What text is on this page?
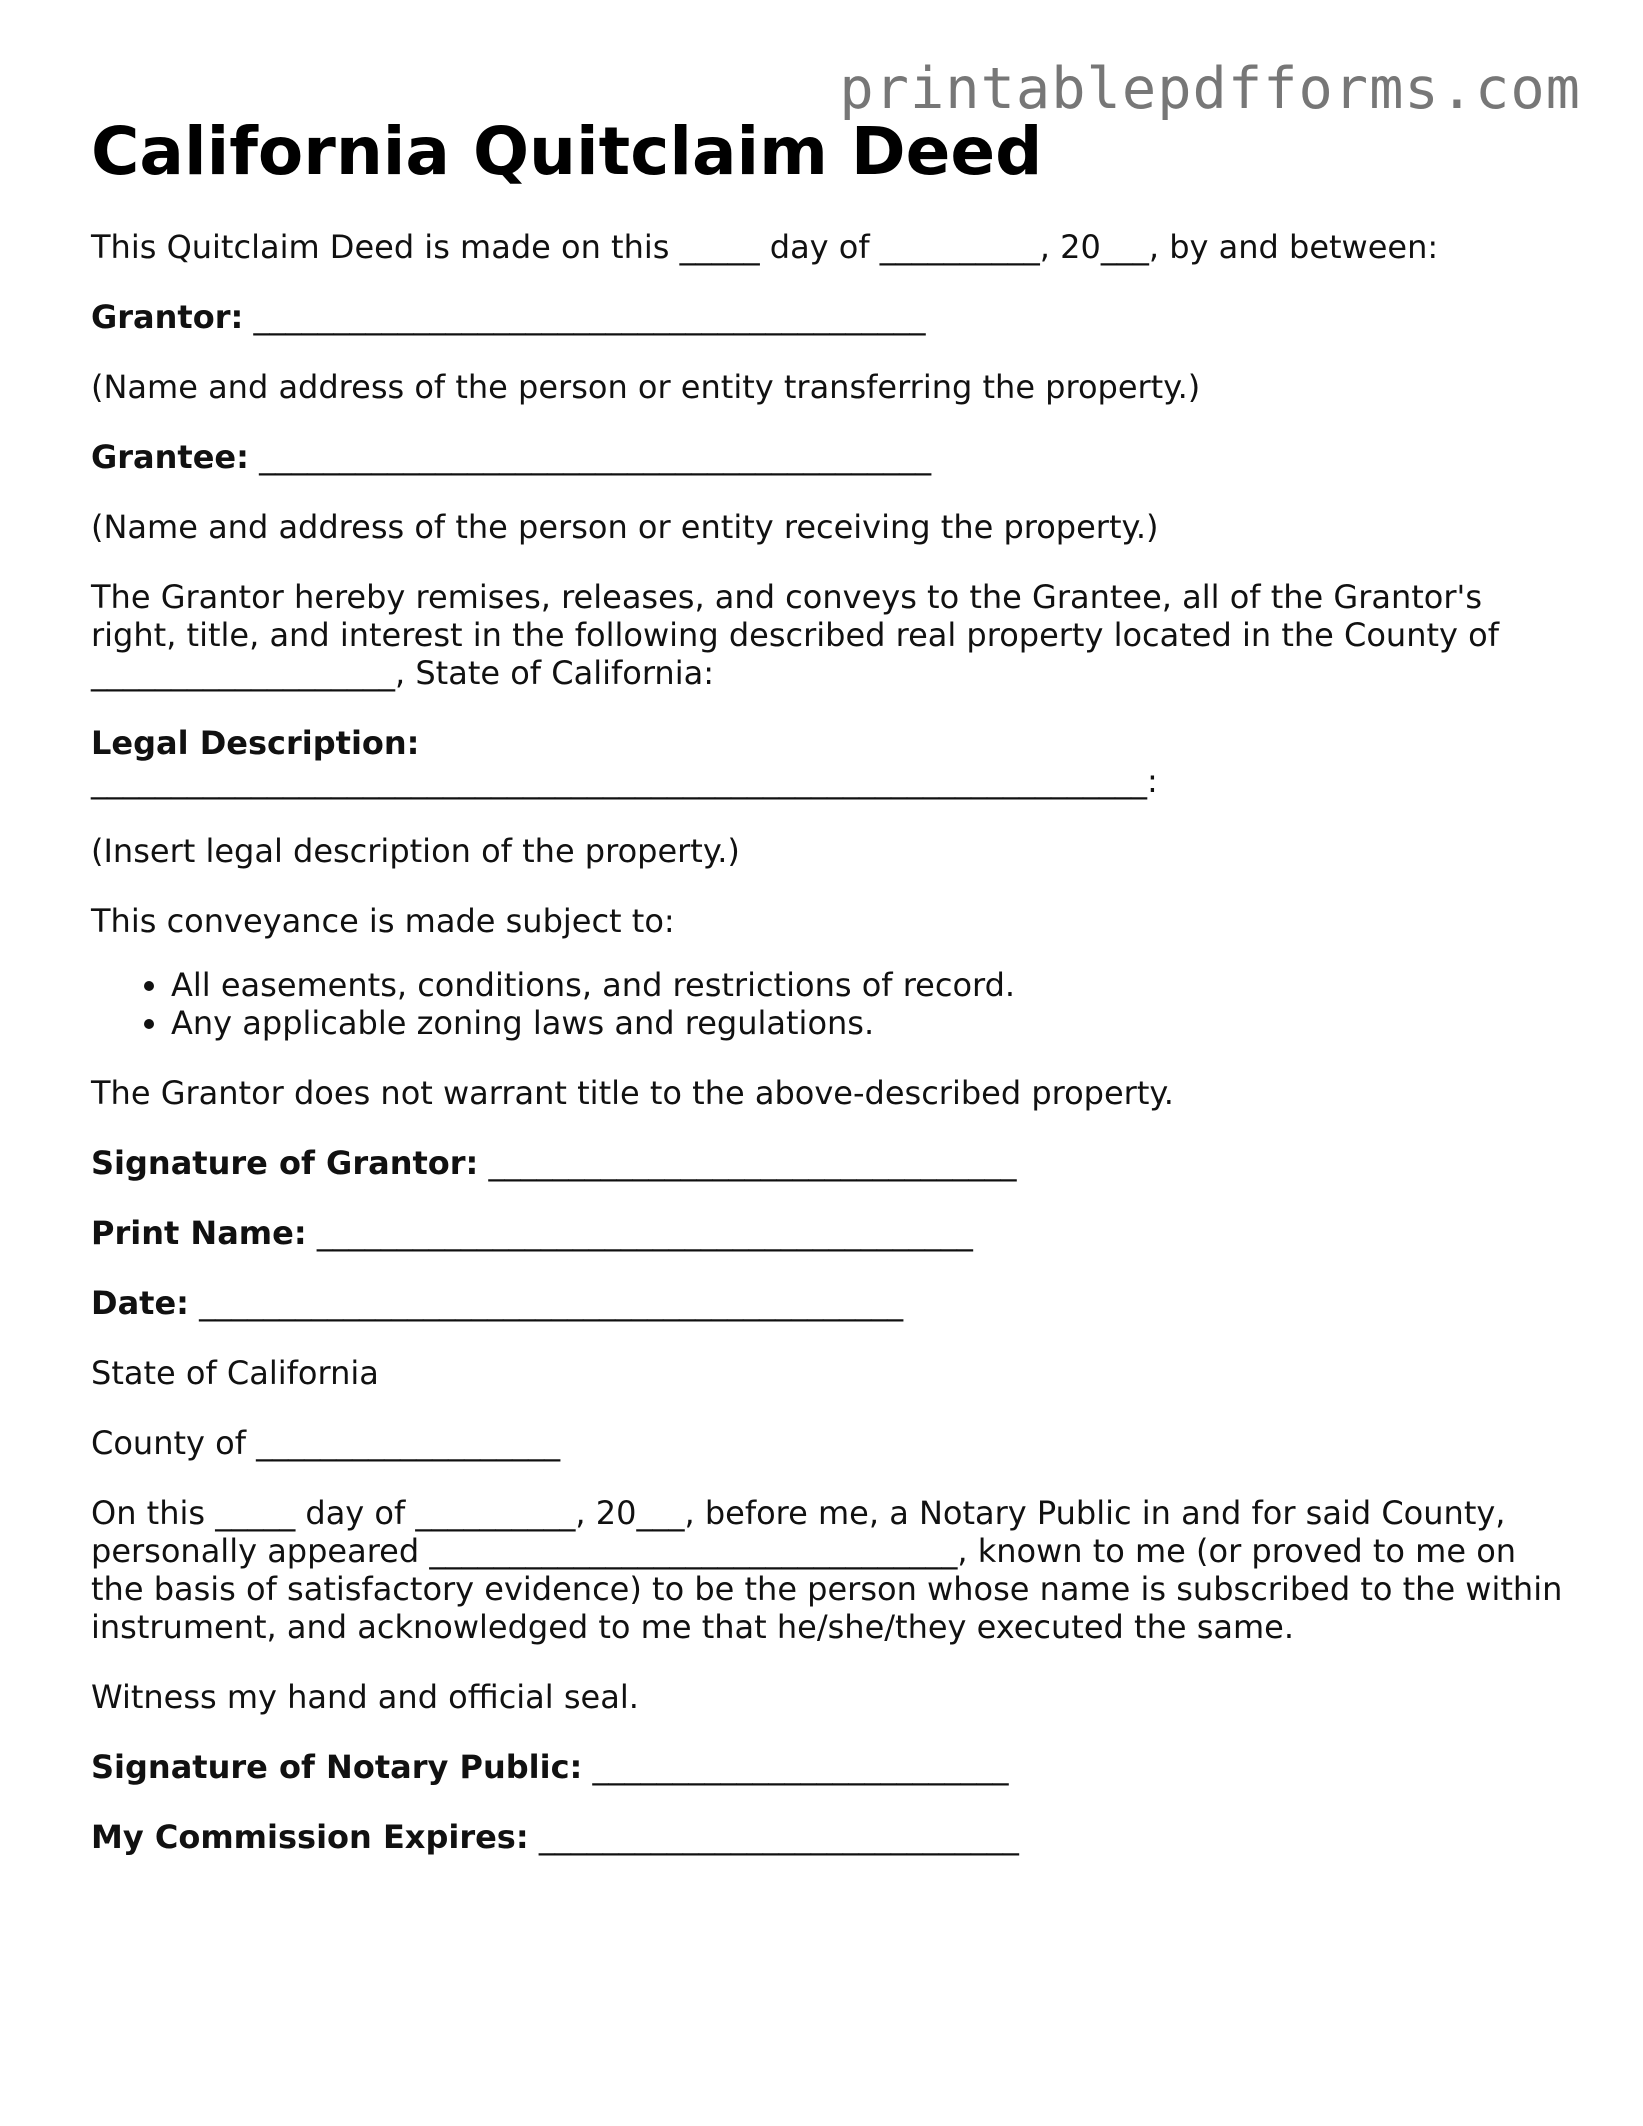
printablepdfforms.com
California Quitclaim Deed

This Quitclaim Deed is made on this _____ day of __________, 20___, by and between:

Grantor: __________________________________________

(Name and address of the person or entity transferring the property.)

Grantee: __________________________________________

(Name and address of the person or entity receiving the property.)

The Grantor hereby remises, releases, and conveys to the Grantee, all of the Grantor's right, title, and interest in the following described real property located in the County of ___________________, State of California:

Legal Description:
__________________________________________________________________:

(Insert legal description of the property.)

This conveyance is made subject to:

• All easements, conditions, and restrictions of record.
• Any applicable zoning laws and regulations.

The Grantor does not warrant title to the above-described property.

Signature of Grantor: _________________________________

Print Name: _________________________________________

Date: ____________________________________________

State of California

County of ___________________

On this _____ day of __________, 20___, before me, a Notary Public in and for said County, personally appeared _________________________________, known to me (or proved to me on the basis of satisfactory evidence) to be the person whose name is subscribed to the within instrument, and acknowledged to me that he/she/they executed the same.

Witness my hand and official seal.

Signature of Notary Public: __________________________

My Commission Expires: ______________________________
